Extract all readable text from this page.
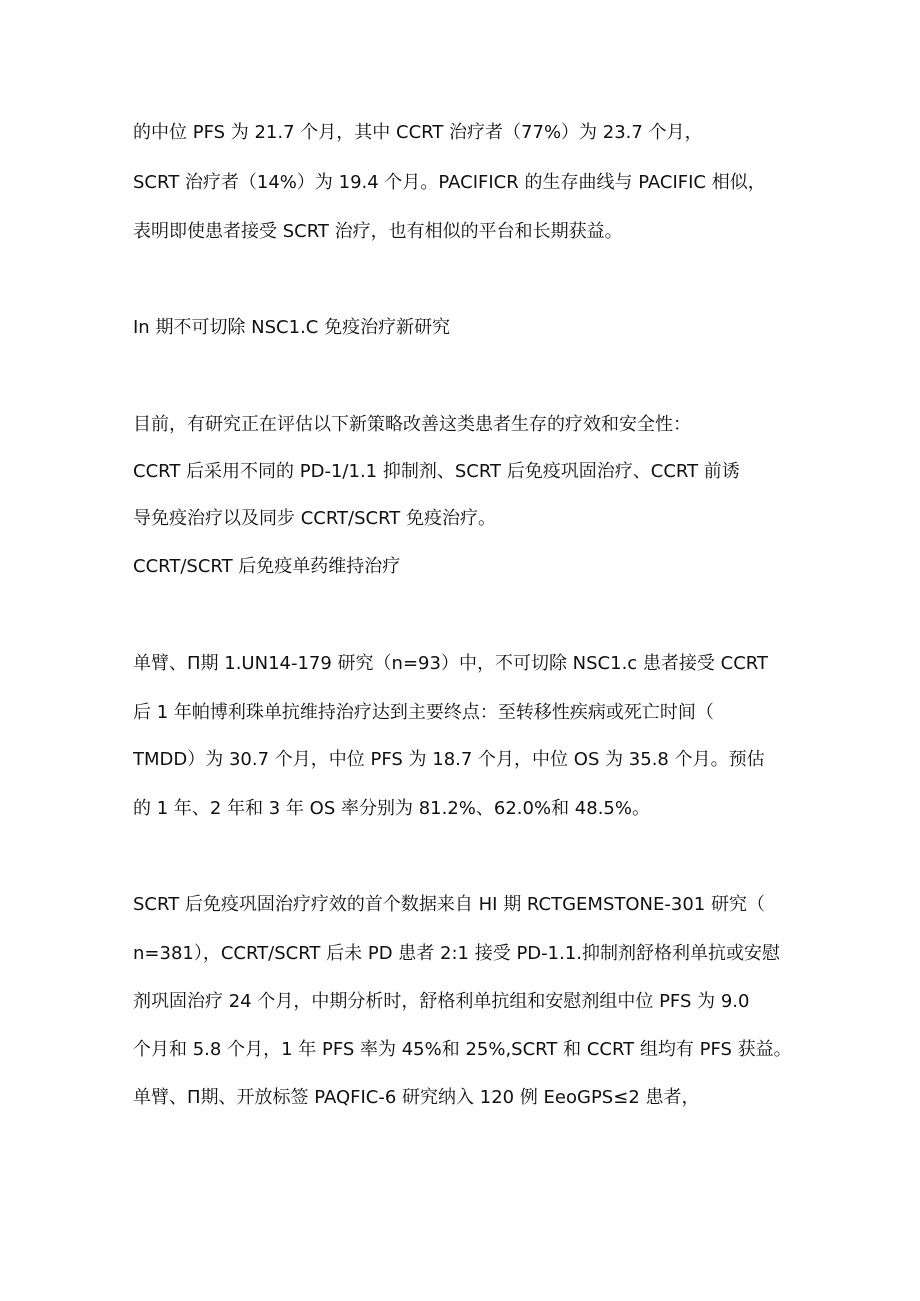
的中位 PFS 为 21.7 个月，其中 CCRT 治疗者（77%）为 23.7 个月，
SCRT 治疗者（14%）为 19.4 个月。PACIFICR 的生存曲线与 PACIFIC 相似，
表明即使患者接受 SCRT 治疗，也有相似的平台和长期获益。
In 期不可切除 NSC1.C 免疫治疗新研究
目前，有研究正在评估以下新策略改善这类患者生存的疗效和安全性：
CCRT 后采用不同的 PD-1/1.1 抑制剂、SCRT 后免疫巩固治疗、CCRT 前诱
导免疫治疗以及同步 CCRT/SCRT 免疫治疗。
CCRT/SCRT 后免疫单药维持治疗
单臂、Π期 1.UN14-179 研究（n=93）中，不可切除 NSC1.c 患者接受 CCRT
后 1 年帕博利珠单抗维持治疗达到主要终点：至转移性疾病或死亡时间（
TMDD）为 30.7 个月，中位 PFS 为 18.7 个月，中位 OS 为 35.8 个月。预估
的 1 年、2 年和 3 年 OS 率分别为 81.2%、62.0%和 48.5%。
SCRT 后免疫巩固治疗疗效的首个数据来自 HI 期 RCTGEMSTONE-301 研究（
n=381），CCRT/SCRT 后未 PD 患者 2:1 接受 PD-1.1.抑制剂舒格利单抗或安慰
剂巩固治疗 24 个月，中期分析时，舒格利单抗组和安慰剂组中位 PFS 为 9.0
个月和 5.8 个月，1 年 PFS 率为 45%和 25%,SCRT 和 CCRT 组均有 PFS 获益。
单臂、Π期、开放标签 PAQFIC-6 研究纳入 120 例 EeoGPS≤2 患者，
